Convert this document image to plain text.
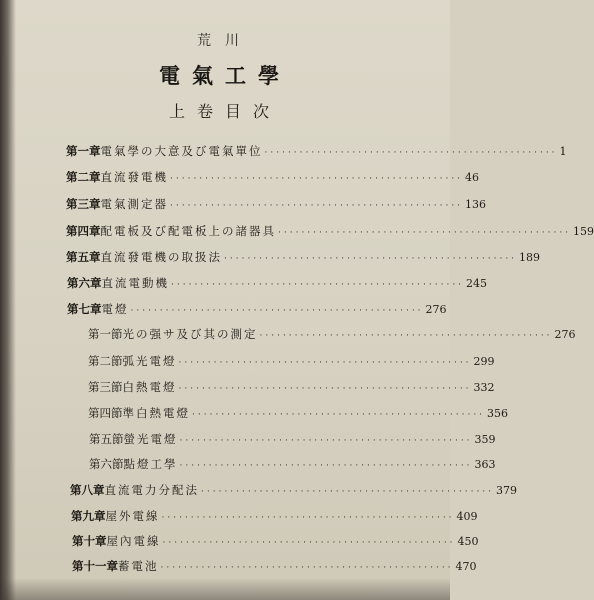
荒川
電氣工學
上卷目次
第一章 電氣學の大意及び電氣單位 ·················································· 1
第二章 直流發電機 ·················································· 46
第三章 電氣測定器 ·················································· 136
第四章 配電板及び配電板上の諸器具 ·················································· 159
第五章 直流發電機の取扱法 ·················································· 189
第六章 直流電動機 ·················································· 245
第七章 電燈 ·················································· 276
第一節 光の强サ及び其の測定 ·················································· 276
第二節 弧光電燈 ·················································· 299
第三節 白熱電燈 ·················································· 332
第四節 準白熱電燈 ·················································· 356
第五節 螢光電燈 ·················································· 359
第六節 點燈工學 ·················································· 363
第八章 直流電力分配法 ·················································· 379
第九章 屋外電線 ·················································· 409
第十章 屋內電線 ·················································· 450
第十一章 蓄電池 ·················································· 470
